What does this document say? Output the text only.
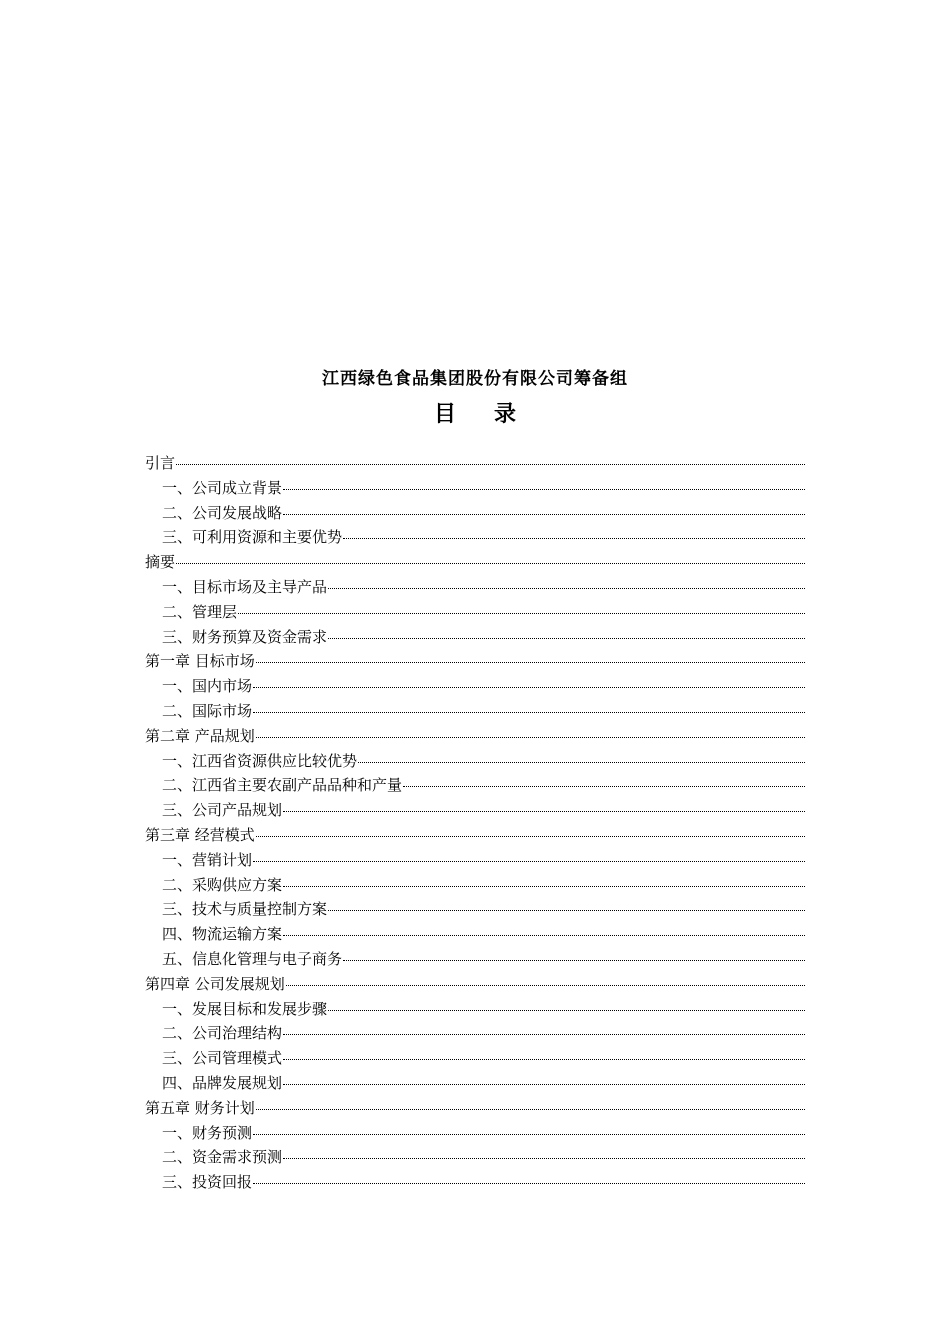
江西绿色食品集团股份有限公司筹备组
目录
引言
一、公司成立背景
二、公司发展战略
三、可利用资源和主要优势
摘要
一、目标市场及主导产品
二、管理层
三、财务预算及资金需求
第一章 目标市场
一、国内市场
二、国际市场
第二章 产品规划
一、江西省资源供应比较优势
二、江西省主要农副产品品种和产量
三、公司产品规划
第三章 经营模式
一、营销计划
二、采购供应方案
三、技术与质量控制方案
四、物流运输方案
五、信息化管理与电子商务
第四章 公司发展规划
一、发展目标和发展步骤
二、公司治理结构
三、公司管理模式
四、品牌发展规划
第五章 财务计划
一、财务预测
二、资金需求预测
三、投资回报
